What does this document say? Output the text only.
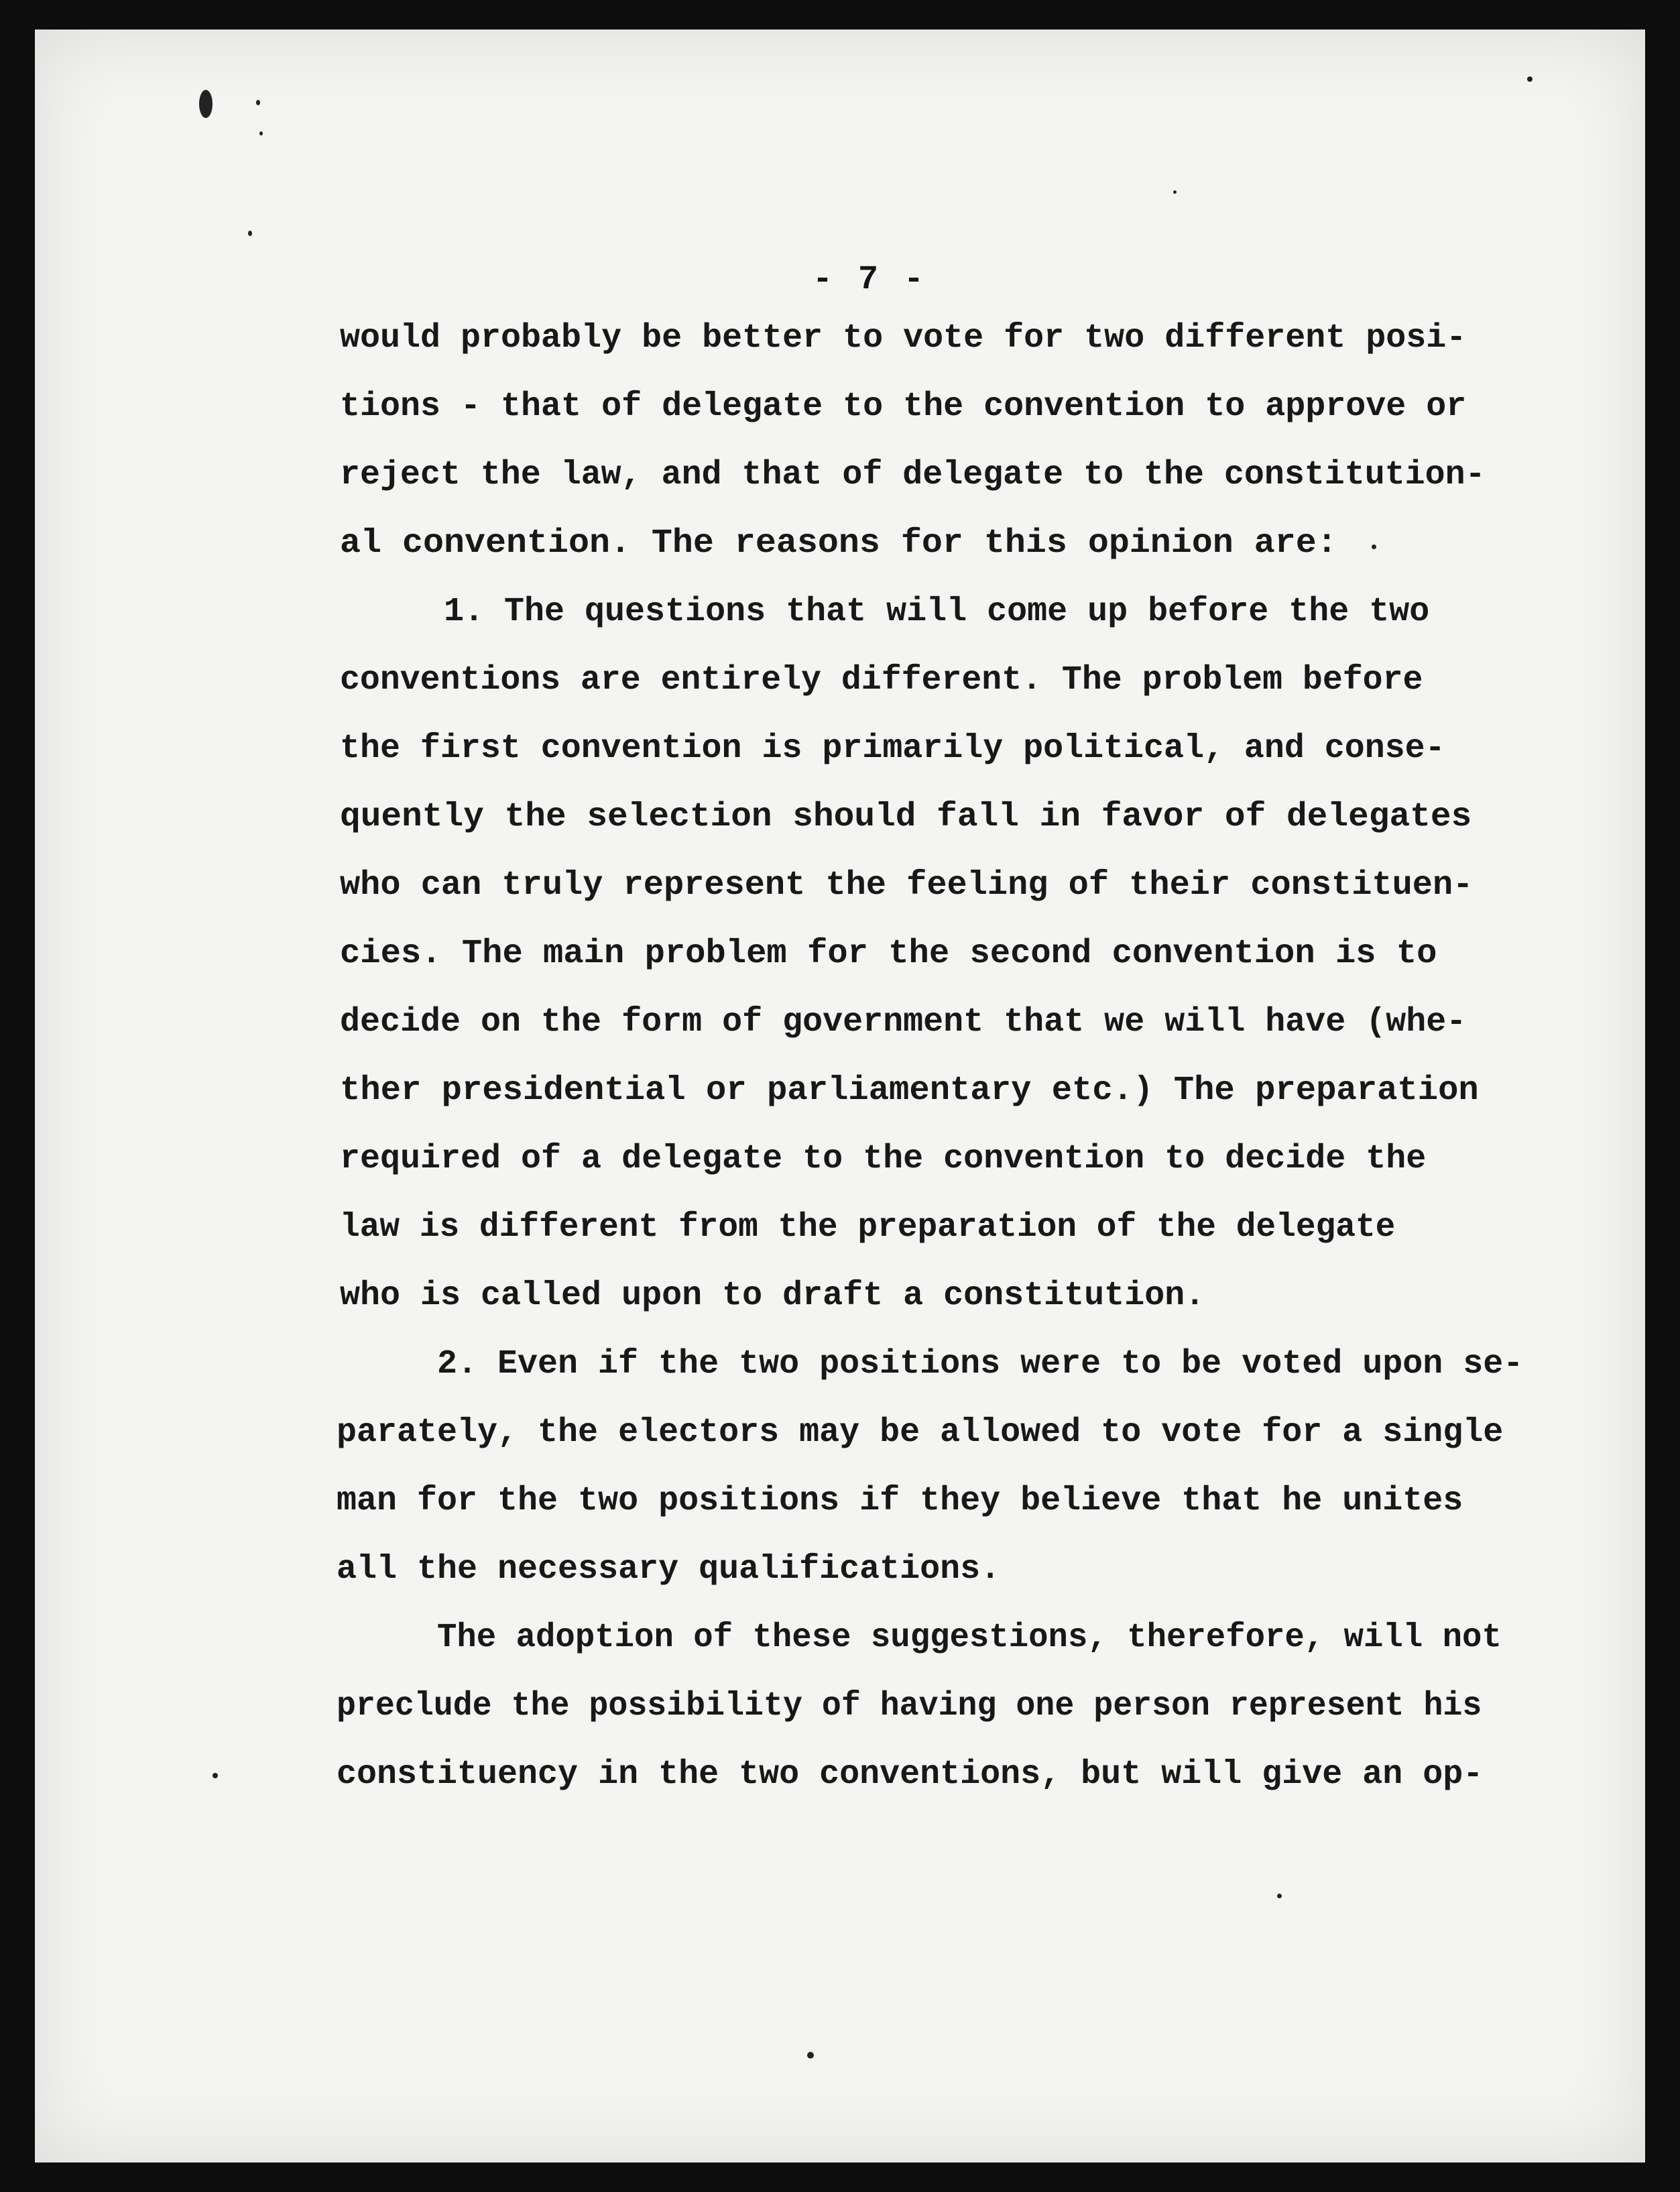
- 7 -
would probably be better to vote for two different posi-
tions - that of delegate to the convention to approve or
reject the law, and that of delegate to the constitution-
al convention. The reasons for this opinion are:
1. The questions that will come up before the two
conventions are entirely different. The problem before
the first convention is primarily political, and conse-
quently the selection should fall in favor of delegates
who can truly represent the feeling of their constituen-
cies. The main problem for the second convention is to
decide on the form of government that we will have (whe-
ther presidential or parliamentary etc.) The preparation
required of a delegate to the convention to decide the
law is different from the preparation of the delegate
who is called upon to draft a constitution.
2. Even if the two positions were to be voted upon se-
parately, the electors may be allowed to vote for a single
man for the two positions if they believe that he unites
all the necessary qualifications.
The adoption of these suggestions, therefore, will not
preclude the possibility of having one person represent his
constituency in the two conventions, but will give an op-
